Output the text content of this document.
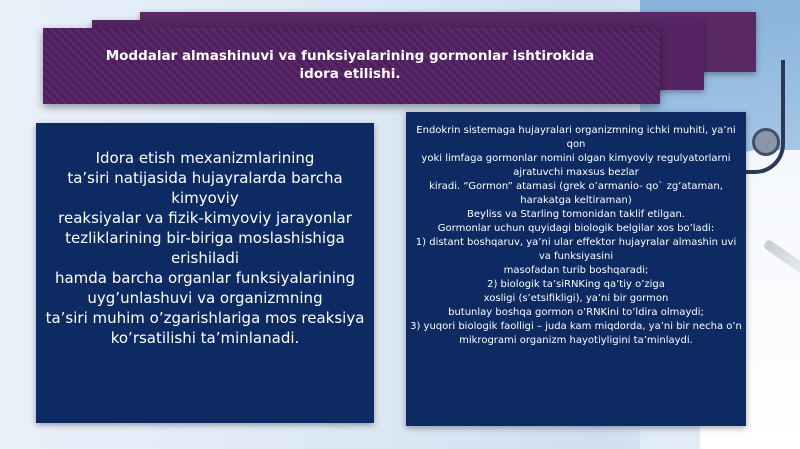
Moddalar almashinuvi va funksiyalarining gormonlar ishtirokida idora etilishi.
Idora etish mexanizmlarining
ta’siri natijasida hujayralarda barcha kimyoviy
reaksiyalar va fizik-kimyoviy jarayonlar
tezliklarining bir-biriga moslashishiga erishiladi
hamda barcha organlar funksiyalarining
uyg’unlashuvi va organizmning
ta’siri muhim o’zgarishlariga mos reaksiya
ko’rsatilishi ta’minlanadi.
Endokrin sistemaga hujayralari organizmning ichki muhiti, ya’ni qon
yoki limfaga gormonlar nomini olgan kimyoviy regulyatorlarni ajratuvchi maxsus bezlar
kiradi. “Gormon” atamasi (grek o’armanio- qo` zg’ataman, harakatga keltiraman)
Beyliss va Starling tomonidan taklif etilgan.
Gormonlar uchun quyidagi biologik belgilar xos bo’ladi:
1) distant boshqaruv, ya’ni ular effektor hujayralar almashin uvi va funksiyasini
masofadan turib boshqaradi;
2) biologik ta’siRNKing qa’tiy o’ziga
xosligi (s’etsifikligi), ya’ni bir gormon
butunlay boshqa gormon o’RNKini to’ldira olmaydi;
3) yuqori biologik faolligi – juda kam miqdorda, ya’ni bir necha o’n
mikrogrami organizm hayotiyligini ta’minlaydi.
